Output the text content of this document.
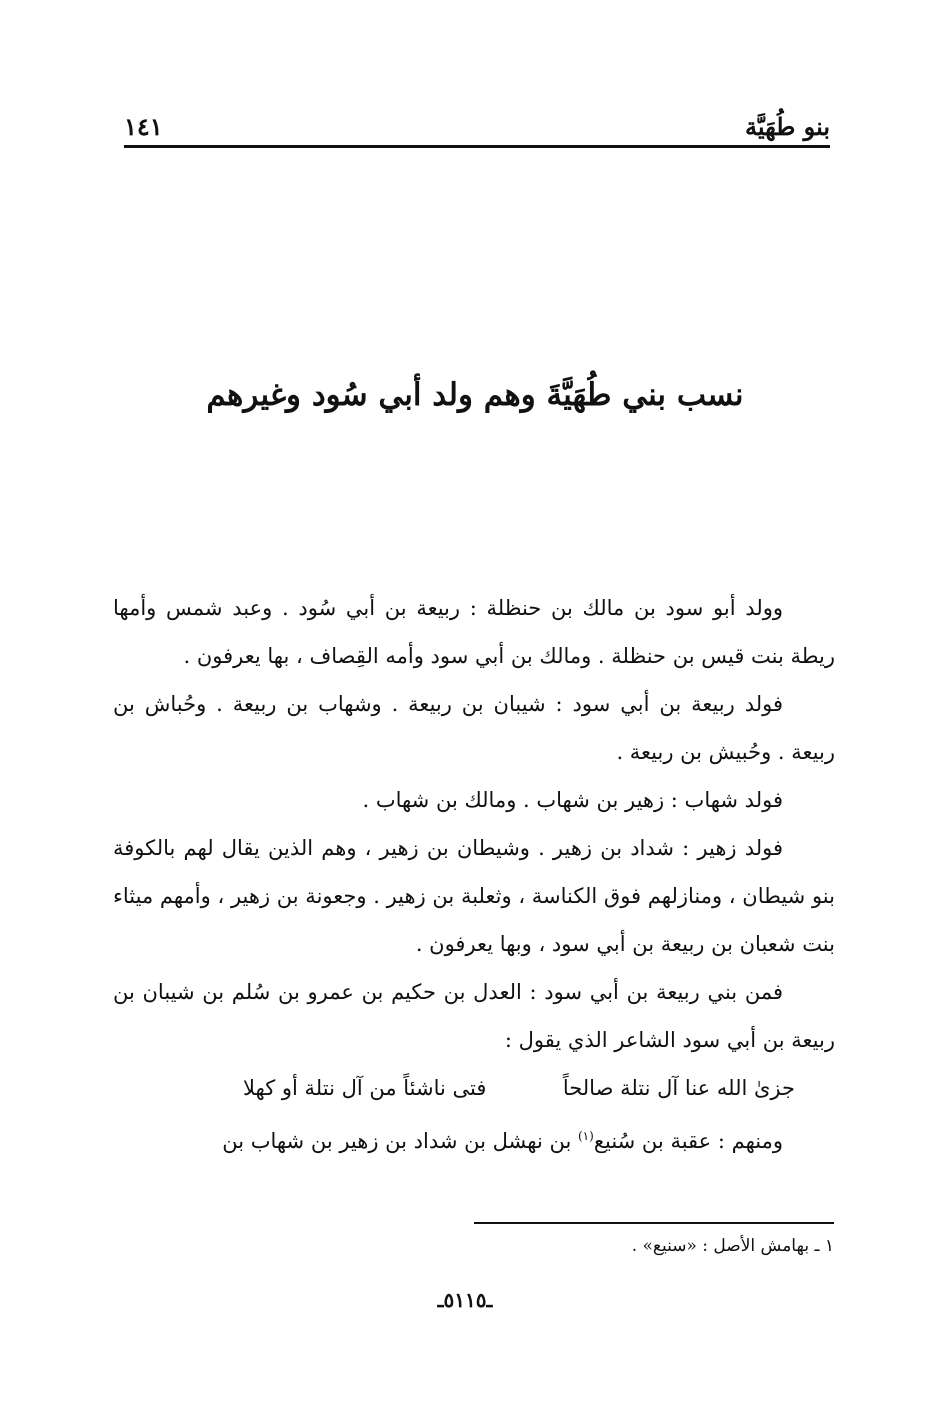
بنو طُهَيَّة
١٤١
نسب بني طُهَيَّةَ وهم ولد أبي سُود وغيرهم

وولد أبو سود بن مالك بن حنظلة : ربيعة بن أبي سُود . وعبد شمس وأمها ريطة بنت قيس بن حنظلة . ومالك بن أبي سود وأمه القِصاف ، بها يعرفون .

فولد ربيعة بن أبي سود : شيبان بن ربيعة . وشهاب بن ربيعة . وحُباش بن ربيعة . وحُبيش بن ربيعة .

فولد شهاب : زهير بن شهاب . ومالك بن شهاب .

فولد زهير : شداد بن زهير . وشيطان بن زهير ، وهم الذين يقال لهم بالكوفة بنو شيطان ، ومنازلهم فوق الكناسة ، وثعلبة بن زهير . وجعونة بن زهير ، وأمهم ميثاء بنت شعبان بن ربيعة بن أبي سود ، وبها يعرفون .

فمن بني ربيعة بن أبي سود : العدل بن حكيم بن عمرو بن سُلم بن شيبان بن ربيعة بن أبي سود الشاعر الذي يقول :

جزىٰ الله عنا آل نتلة صالحاً
فتى ناشئاً من آل نتلة أو كهلا

ومنهم : عقبة بن سُنيع$^{(١)}$ بن نهشل بن شداد بن زهير بن شهاب بن

١ ـ بهامش الأصل : «سنيع» .
ـ٥١١٥ـ
